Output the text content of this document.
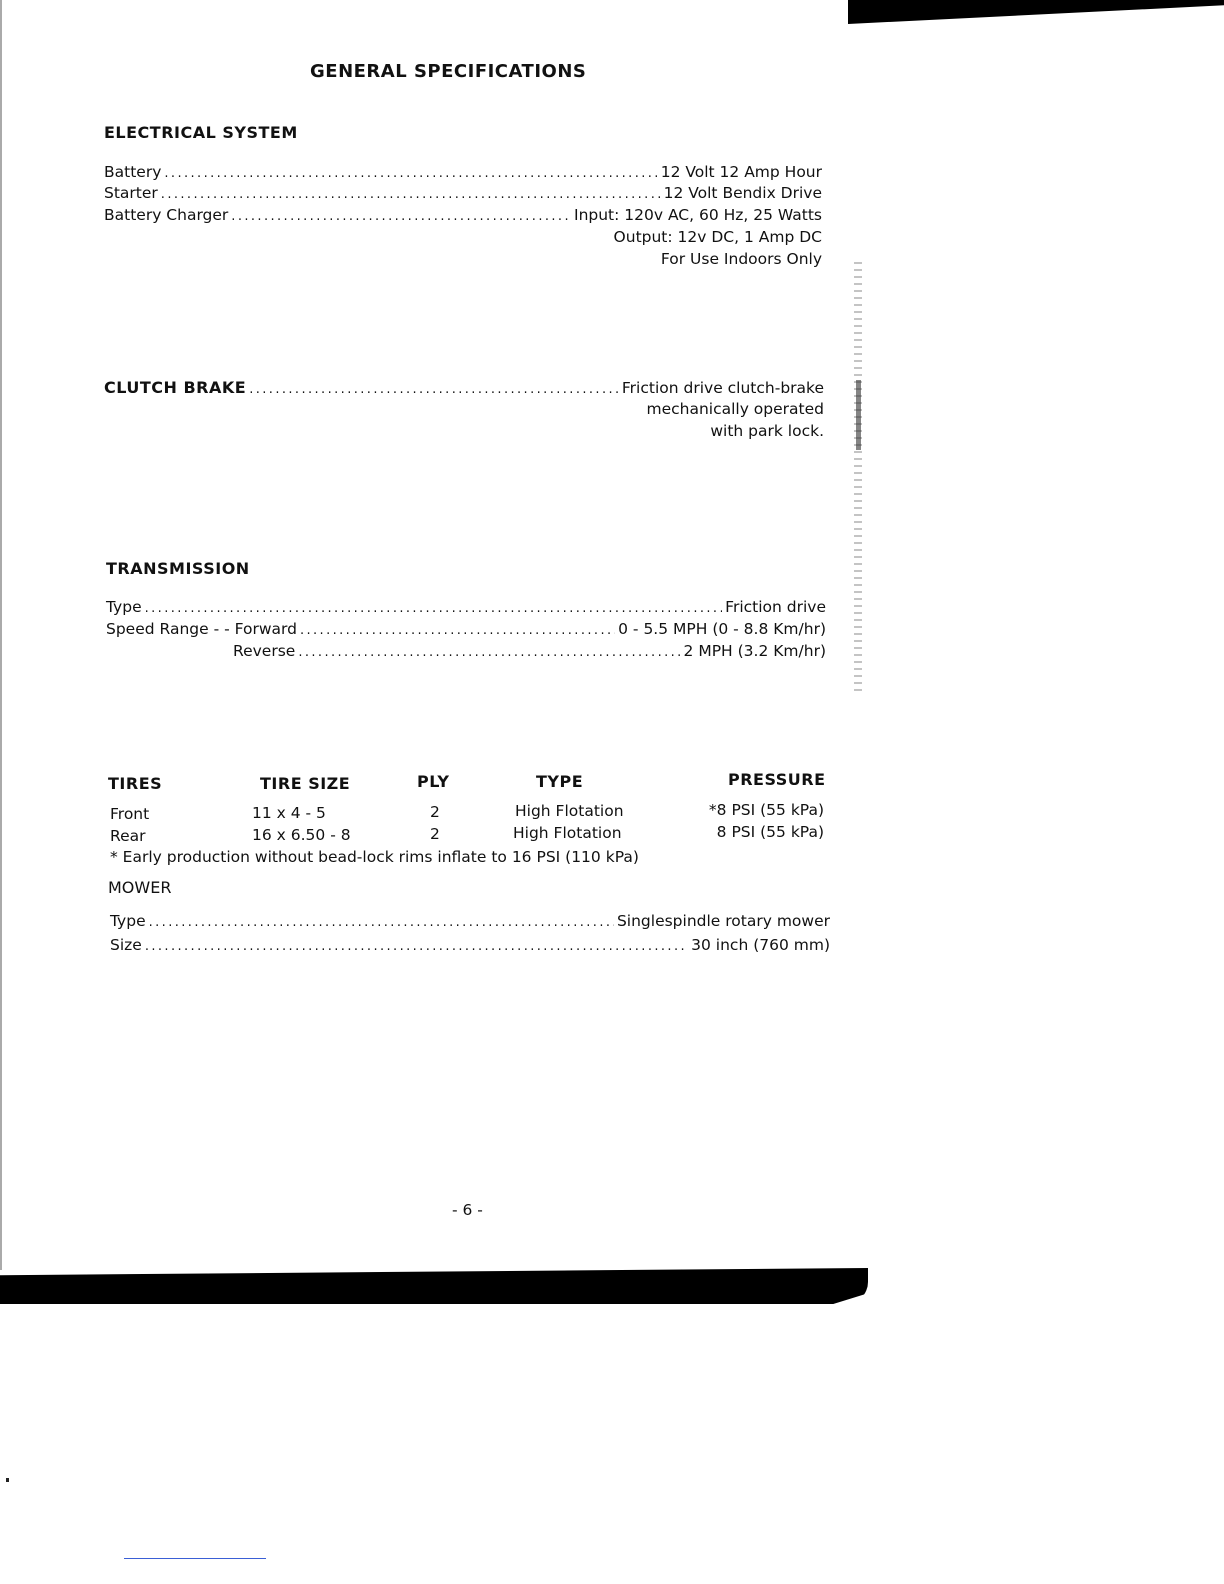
GENERAL SPECIFICATIONS
ELECTRICAL SYSTEM
Battery .....	12 Volt 12 Amp Hour
Starter .....	12 Volt Bendix Drive
Battery Charger .....	Input: 120v AC, 60 Hz, 25 Watts
Output: 12v DC, 1 Amp DC
For Use Indoors Only
CLUTCH BRAKE .....	Friction drive clutch-brake
mechanically operated
with park lock.
TRANSMISSION
Type .....	Friction drive
Speed Range - - Forward .....	0 - 5.5 MPH (0 - 8.8 Km/hr)
Reverse .....	2 MPH (3.2 Km/hr)
TIRES	TIRE SIZE	PLY	TYPE	PRESSURE
Front	11 x 4 - 5	2	High Flotation	*8 PSI (55 kPa)
Rear	16 x 6.50 - 8	2	High Flotation	8 PSI (55 kPa)
* Early production without bead-lock rims inflate to 16 PSI (110 kPa)
MOWER
Type .....	Singlespindle rotary mower
Size .....	30 inch (760 mm)
- 6 -
